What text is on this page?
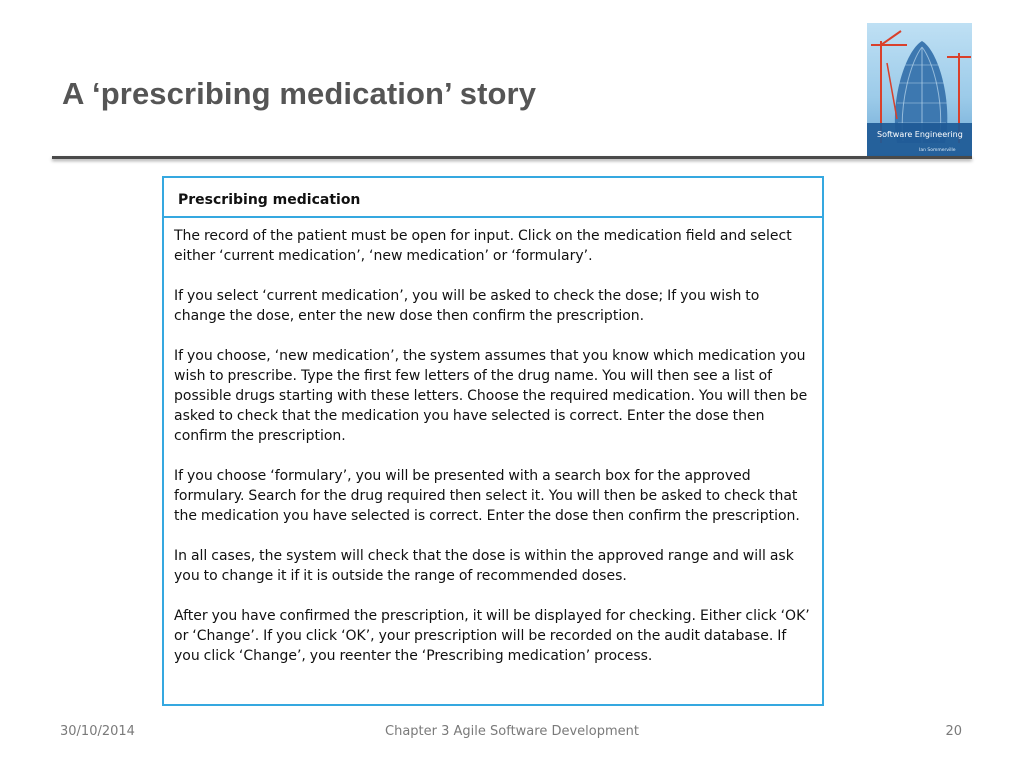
A ‘prescribing medication’ story
Software Engineering
Ian Sommerville
Prescribing medication

The record of the patient must be open for input. Click on the medication field and select either ‘current medication’, ‘new medication’ or ‘formulary’.

If you select ‘current medication’, you will be asked to check the dose; If you wish to change the dose, enter the new dose then confirm the prescription.

If you choose, ‘new medication’, the system assumes that you know which medication you wish to prescribe. Type the first few letters of the drug name. You will then see a list of possible drugs starting with these letters. Choose the required medication. You will then be asked to check that the medication you have selected is correct. Enter the dose then confirm the prescription.

If you choose ‘formulary’, you will be presented with a search box for the approved formulary. Search for the drug required then select it. You will then be asked to check that the medication you have selected is correct. Enter the dose then confirm the prescription.

In all cases, the system will check that the dose is within the approved range and will ask you to change it if it is outside the range of recommended doses.

After you have confirmed the prescription, it will be displayed for checking. Either click ‘OK’ or ‘Change’. If you click ‘OK’, your prescription will be recorded on the audit database. If you click ‘Change’, you reenter the ‘Prescribing medication’ process.

30/10/2014	Chapter 3 Agile Software Development	20
